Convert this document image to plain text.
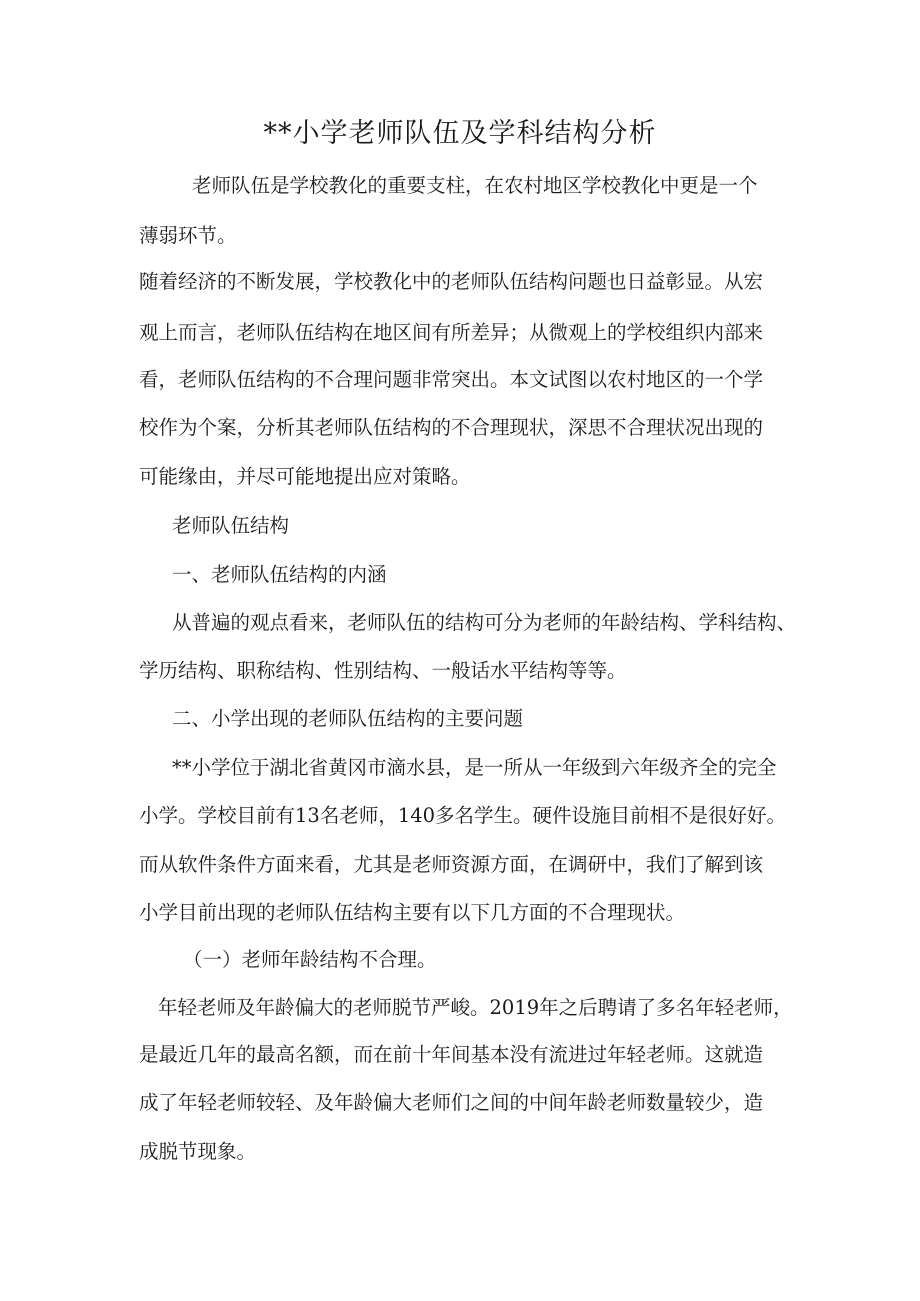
**小学老师队伍及学科结构分析

老师队伍是学校教化的重要支柱，在农村地区学校教化中更是一个

薄弱环节。

随着经济的不断发展，学校教化中的老师队伍结构问题也日益彰显。从宏

观上而言，老师队伍结构在地区间有所差异；从微观上的学校组织内部来

看，老师队伍结构的不合理问题非常突出。本文试图以农村地区的一个学

校作为个案，分析其老师队伍结构的不合理现状，深思不合理状况出现的

可能缘由，并尽可能地提出应对策略。

老师队伍结构

一、老师队伍结构的内涵

从普遍的观点看来，老师队伍的结构可分为老师的年龄结构、学科结构、

学历结构、职称结构、性别结构、一般话水平结构等等。

二、小学出现的老师队伍结构的主要问题

**小学位于湖北省黄冈市滴水县，是一所从一年级到六年级齐全的完全

小学。学校目前有13名老师，140多名学生。硬件设施目前相不是很好好。

而从软件条件方面来看，尤其是老师资源方面，在调研中，我们了解到该

小学目前出现的老师队伍结构主要有以下几方面的不合理现状。

（一）老师年龄结构不合理。

年轻老师及年龄偏大的老师脱节严峻。2019年之后聘请了多名年轻老师，

是最近几年的最高名额，而在前十年间基本没有流进过年轻老师。这就造

成了年轻老师较轻、及年龄偏大老师们之间的中间年龄老师数量较少，造

成脱节现象。
